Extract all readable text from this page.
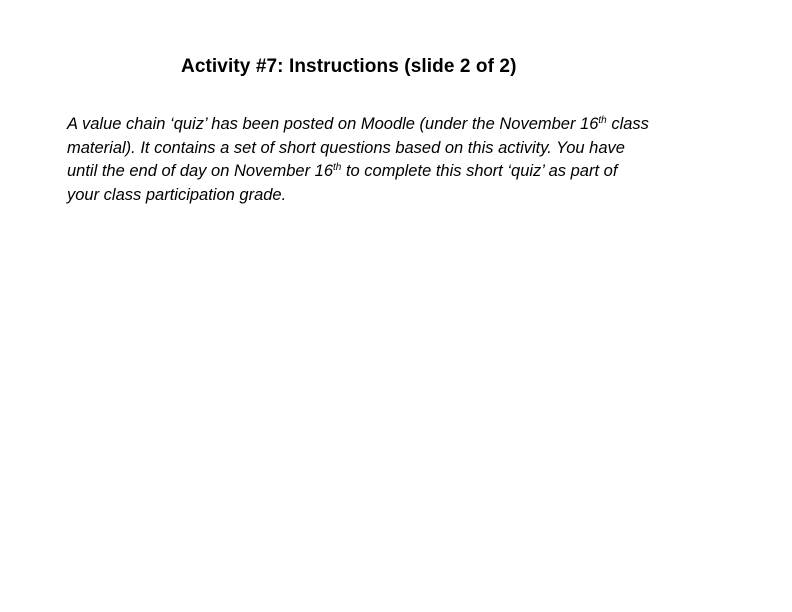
Activity #7: Instructions (slide 2 of 2)
A value chain ‘quiz’ has been posted on Moodle (under the November 16th class
material). It contains a set of short questions based on this activity. You have
until the end of day on November 16th to complete this short ‘quiz’ as part of
your class participation grade.
